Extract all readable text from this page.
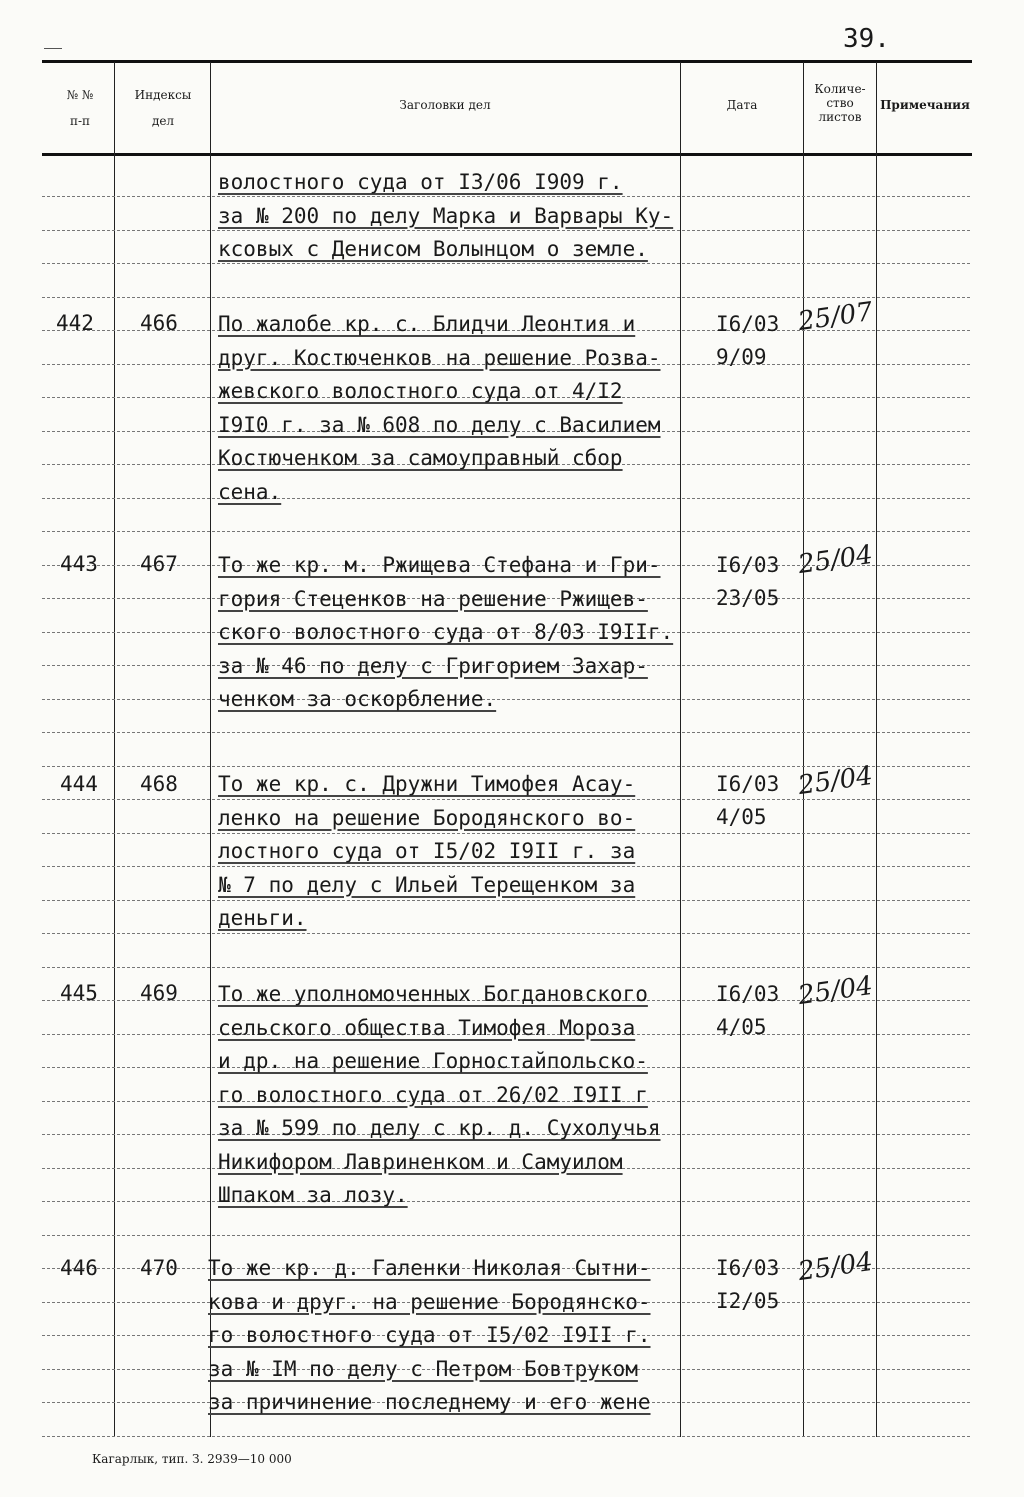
39.
№ №
п-п
Индексы
дел
Заголовки дел	Дата
Количе-
ство
листов
Примечания
волостного суда от I3/06 I909 г.
за № 200 по делу Марка и Варвары Ку-
ксовых с Денисом Волынцом о земле.
442 466 По жалобе кр. с. Блидчи Леонтия и
друг. Костюченков на решение Розва-
жевского волостного суда от 4/I2
I9I0 г. за № 608 по делу с Василием
Костюченком за самоуправный сбор
сена.
I6/03
9/09
25/07
443 467 То же кр. м. Ржищева Стефана и Гри-
гория Стеценков на решение Ржищев-
ского волостного суда от 8/03 I9IIг.
за № 46 по делу с Григорием Захар-
ченком за оскорбление.
I6/03
23/05
25/04
444 468 То же кр. с. Дружни Тимофея Асау-
ленко на решение Бородянского во-
лостного суда от I5/02 I9II г. за
№ 7 по делу с Ильей Терещенком за
деньги.
I6/03
4/05
25/04
445 469 То же уполномоченных Богдановского
сельского общества Тимофея Мороза
и др. на решение Горностайпольско-
го волостного суда от 26/02 I9II г
за № 599 по делу с кр. д. Сухолучья
Никифором Лавриненком и Самуилом
Шпаком за лозу.
I6/03
4/05
25/04
446 470 То же кр. д. Галенки Николая Сытни-
кова и друг. на решение Бородянско-
го волостного суда от I5/02 I9II г.
за № IМ по делу с Петром Бовтруком
за причинение последнему и его жене
I6/03
I2/05
25/04
Кагарлык, тип. З. 2939—10 000
